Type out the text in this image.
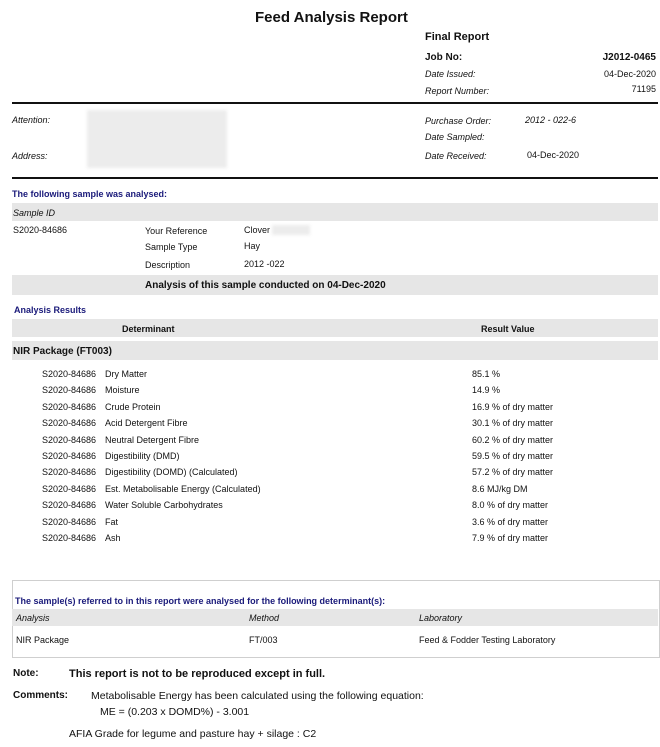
Feed Analysis Report
Final Report
Job No:	J2012-0465
Date Issued:	04-Dec-2020
Report Number:	71195
Attention:
Address:
Purchase Order:	2012 - 022-6
Date Sampled:
Date Received:	04-Dec-2020
The following sample was analysed:
Sample ID
S2020-84686	Your Reference	Clover
Sample Type	Hay
Description	2012 -022
Analysis of this sample conducted on 04-Dec-2020
Analysis Results
Determinant	Result Value
NIR Package (FT003)
S2020-84686 Dry Matter	85.1 %
S2020-84686 Moisture	14.9 %
S2020-84686 Crude Protein	16.9 % of dry matter
S2020-84686 Acid Detergent Fibre	30.1 % of dry matter
S2020-84686 Neutral Detergent Fibre	60.2 % of dry matter
S2020-84686 Digestibility (DMD)	59.5 % of dry matter
S2020-84686 Digestibility (DOMD) (Calculated)	57.2 % of dry matter
S2020-84686 Est. Metabolisable Energy (Calculated)	8.6 MJ/kg DM
S2020-84686 Water Soluble Carbohydrates	8.0 % of dry matter
S2020-84686 Fat	3.6 % of dry matter
S2020-84686 Ash	7.9 % of dry matter
The sample(s) referred to in this report were analysed for the following determinant(s):
Analysis	Method	Laboratory
NIR Package	FT/003	Feed & Fodder Testing Laboratory
Note:	This report is not to be reproduced except in full.
Comments: Metabolisable Energy has been calculated using the following equation:
ME = (0.203 x DOMD%) - 3.001
AFIA Grade for legume and pasture hay + silage : C2
